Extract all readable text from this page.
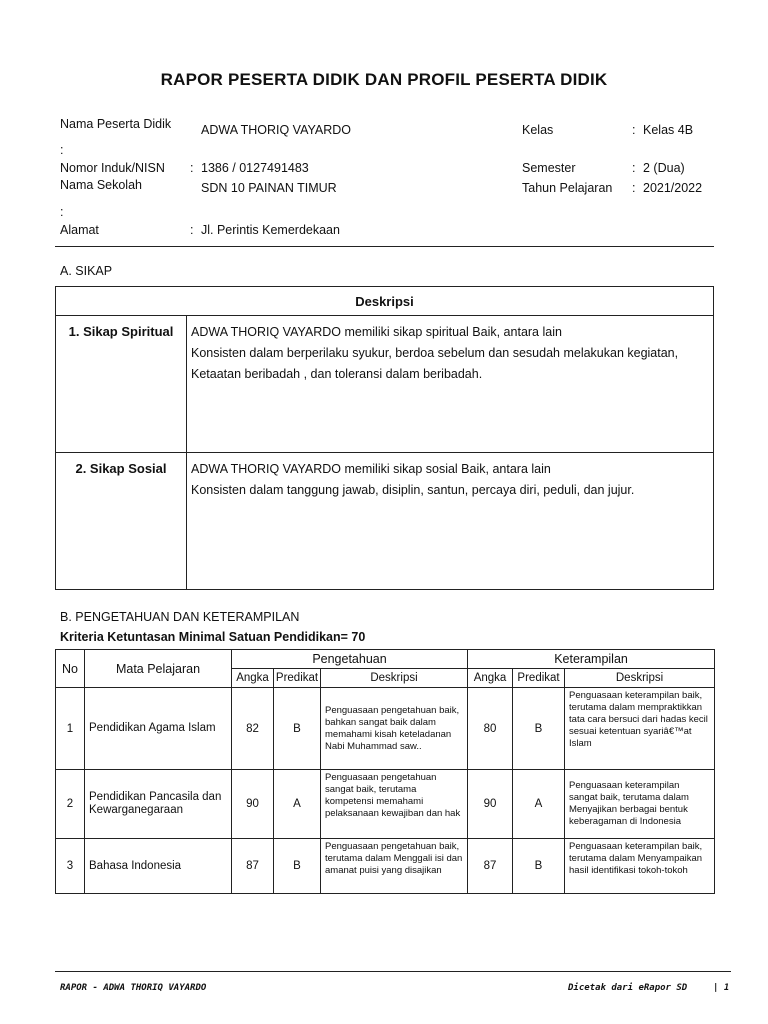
RAPOR PESERTA DIDIK DAN PROFIL PESERTA DIDIK
Nama Peserta Didik
:
ADWA THORIQ VAYARDO
Nomor Induk/NISN : 1386 / 0127491483
Nama Sekolah
:
SDN 10 PAINAN TIMUR
Alamat	: Jl. Perintis Kemerdekaan
Kelas	: Kelas 4B
Semester	: 2 (Dua)
Tahun Pelajaran : 2021/2022
A. SIKAP
Deskripsi	
1. Sikap Spiritual	ADWA THORIQ VAYARDO memiliki sikap spiritual Baik, antara lain
Konsisten dalam berperilaku syukur, berdoa sebelum dan sesudah melakukan kegiatan,
Ketaatan beribadah , dan toleransi dalam beribadah.

2. Sikap Sosial	ADWA THORIQ VAYARDO memiliki sikap sosial Baik, antara lain
Konsisten dalam tanggung jawab, disiplin, santun, percaya diri, peduli, dan jujur.
B. PENGETAHUAN DAN KETERAMPILAN
Kriteria Ketuntasan Minimal Satuan Pendidikan= 70
No	Mata Pelajaran	Pengetahuan			Keterampilan		
		Angka	Predikat	Deskripsi	Angka	Predikat	Deskripsi
1	Pendidikan Agama Islam	82	B	Penguasaan pengetahuan baik, bahkan sangat baik dalam memahami kisah keteladanan Nabi Muhammad saw..	80	B	Penguasaan keterampilan baik, terutama dalam mempraktikkan tata cara bersuci dari hadas kecil sesuai ketentuan syariâ€™at Islam
2	Pendidikan Pancasila dan Kewarganegaraan	90	A	Penguasaan pengetahuan sangat baik, terutama kompetensi memahami pelaksanaan kewajiban dan hak	90	A	Penguasaan keterampilan sangat baik, terutama dalam Menyajikan berbagai bentuk keberagaman di Indonesia
3	Bahasa Indonesia	87	B	Penguasaan pengetahuan baik, terutama dalam Menggali isi dan amanat puisi yang disajikan	87	B	Penguasaan keterampilan baik, terutama dalam Menyampaikan hasil identifikasi tokoh-tokoh
RAPOR - ADWA THORIQ VAYARDO	Dicetak dari eRapor SD	| 1
